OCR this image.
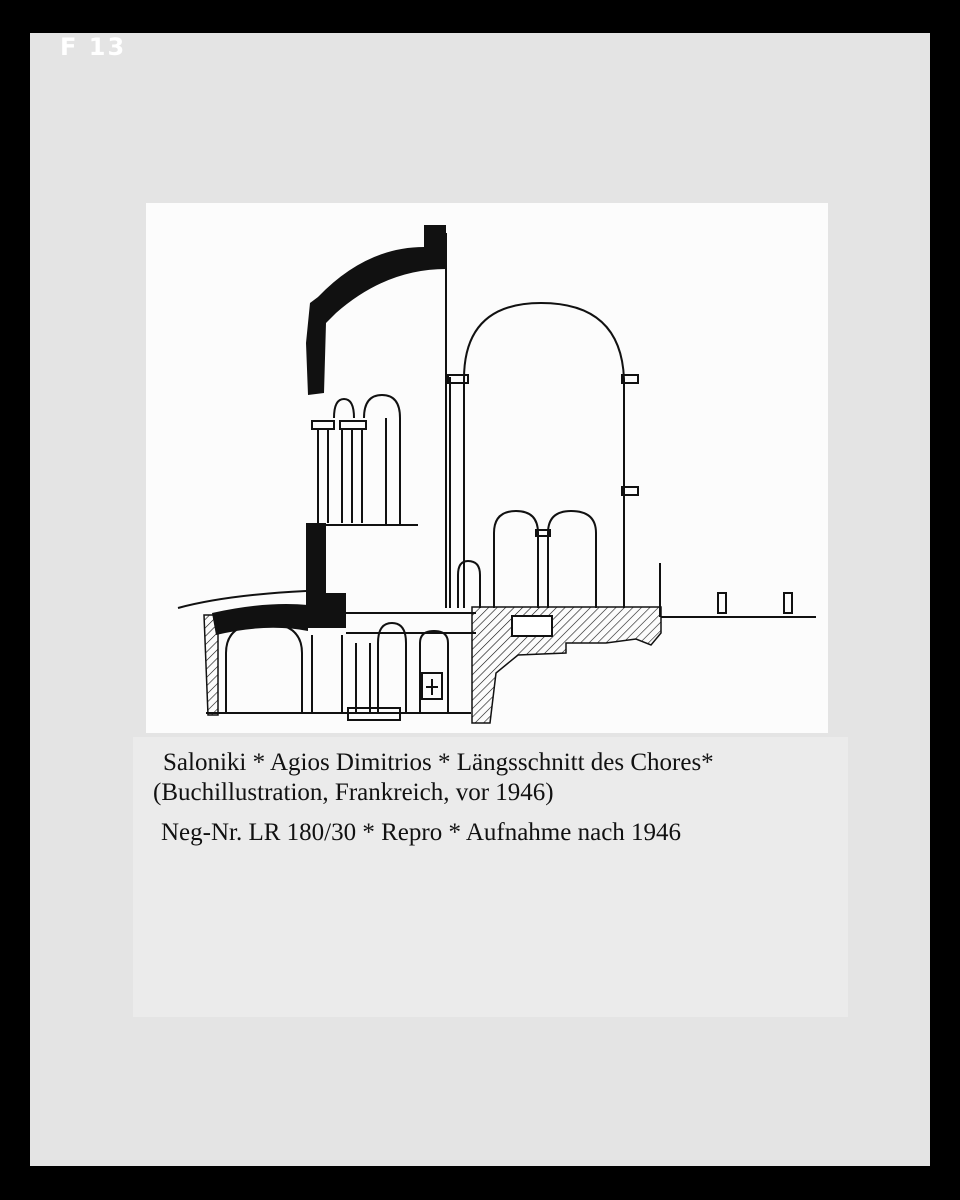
F 13
Saloniki * Agios Dimitrios * Längsschnitt des Chores*
(Buchillustration, Frankreich, vor 1946)
Neg-Nr. LR 180/30 * Repro * Aufnahme nach 1946
